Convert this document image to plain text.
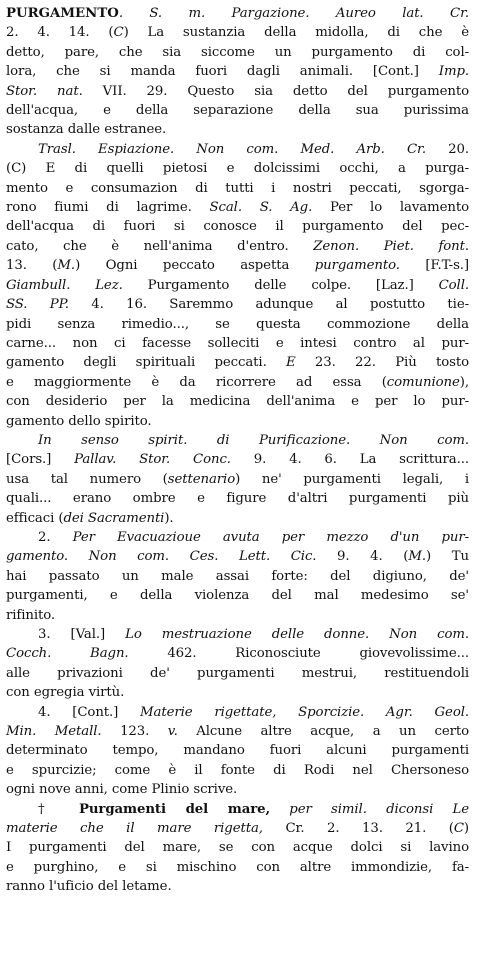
PURGAMENTO. S. m. Pargazione. Aureo lat. Cr.
2. 4. 14. (C) La sustanzia della midolla, di che è
detto, pare, che sia siccome un purgamento di col-
lora, che si manda fuori dagli animali. [Cont.] Imp.
Stor. nat. VII. 29. Questo sia detto del purgamento
dell'acqua, e della separazione della sua purissima
sostanza dalle estranee.
Trasl. Espiazione. Non com. Med. Arb. Cr. 20.
(C) E di quelli pietosi e dolcissimi occhi, a purga-
mento e consumazion di tutti i nostri peccati, sgorga-
rono fiumi di lagrime. Scal. S. Ag. Per lo lavamento
dell'acqua di fuori si conosce il purgamento del pec-
cato, che è nell'anima d'entro. Zenon. Piet. font.
13. (M.) Ogni peccato aspetta purgamento. [F.T-s.]
Giambull. Lez. Purgamento delle colpe. [Laz.] Coll.
SS. PP. 4. 16. Saremmo adunque al postutto tie-
pidi senza rimedio..., se questa commozione della
carne... non ci facesse solleciti e intesi contro al pur-
gamento degli spirituali peccati. E 23. 22. Più tosto
e maggiormente è da ricorrere ad essa (comunione),
con desiderio per la medicina dell'anima e per lo pur-
gamento dello spirito.
In senso spirit. di Purificazione. Non com.
[Cors.] Pallav. Stor. Conc. 9. 4. 6. La scrittura...
usa tal numero (settenario) ne' purgamenti legali, i
quali... erano ombre e figure d'altri purgamenti più
efficaci (dei Sacramenti).
2. Per Evacuazioue avuta per mezzo d'un pur-
gamento. Non com. Ces. Lett. Cic. 9. 4. (M.) Tu
hai passato un male assai forte: del digiuno, de'
purgamenti, e della violenza del mal medesimo se'
rifinito.
3. [Val.] Lo mestruazione delle donne. Non com.
Cocch. Bagn. 462. Riconosciute giovevolissime...
alle privazioni de' purgamenti mestrui, restituendoli
con egregia virtù.
4. [Cont.] Materie rigettate, Sporcizie. Agr. Geol.
Min. Metall. 123. v. Alcune altre acque, a un certo
determinato tempo, mandano fuori alcuni purgamenti
e spurcizie; come è il fonte di Rodi nel Chersoneso
ogni nove anni, come Plinio scrive.
† Purgamenti del mare, per simil. diconsi Le
materie che il mare rigetta, Cr. 2. 13. 21. (C)
I purgamenti del mare, se con acque dolci si lavino
e purghino, e si mischino con altre immondizie, fa-
ranno l'uficio del letame.
